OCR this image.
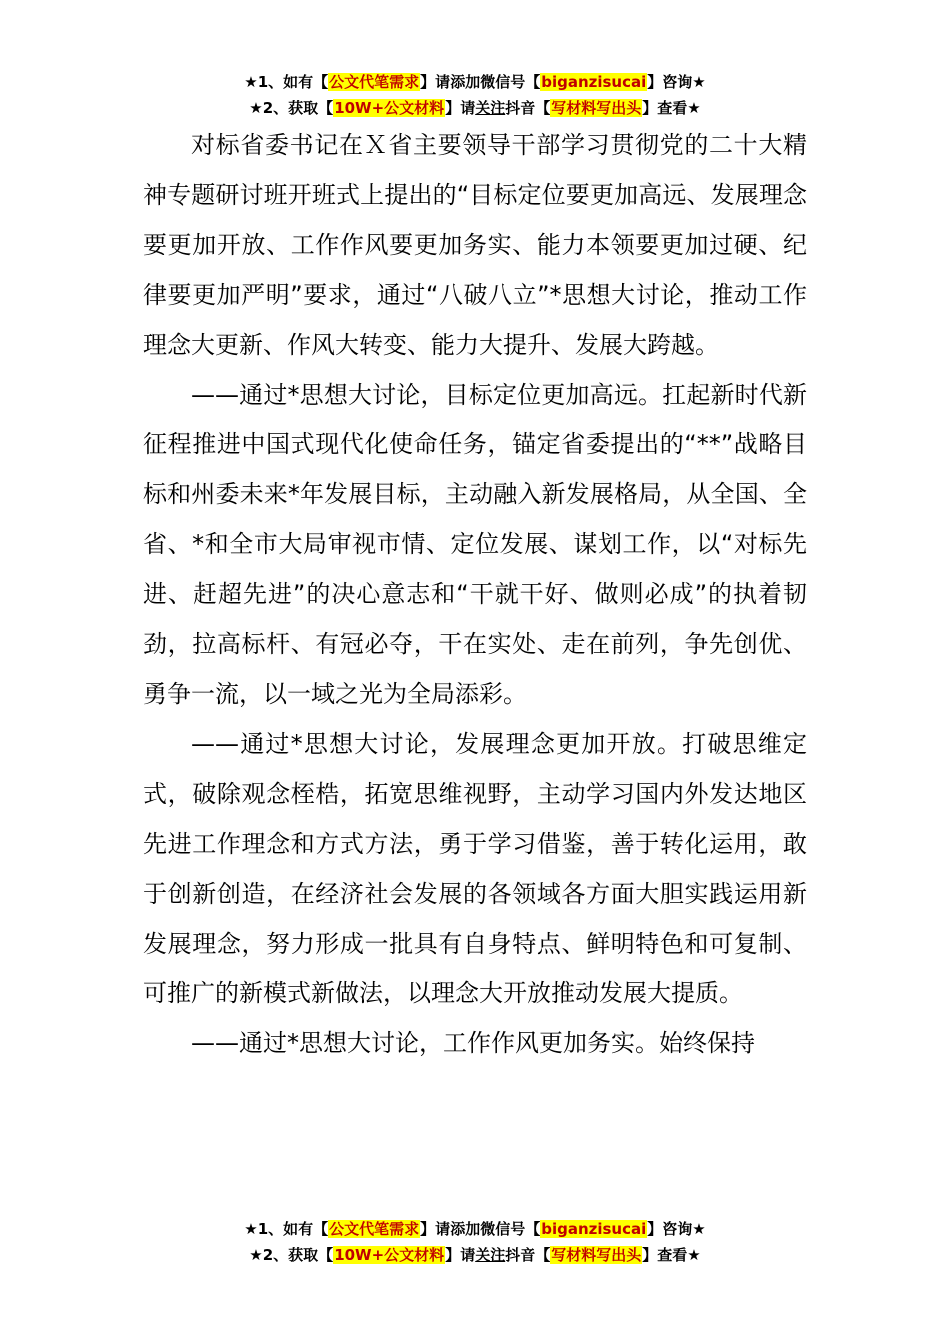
★1、如有【公文代笔需求】请添加微信号【biganzisucai】咨询★
★2、获取【10W+公文材料】请关注抖音【写材料写出头】查看★

对标省委书记在Ｘ省主要领导干部学习贯彻党的二十大精神专题研讨班开班式上提出的“目标定位要更加高远、发展理念要更加开放、工作作风要更加务实、能力本领要更加过硬、纪律要更加严明”要求，通过“八破八立”*思想大讨论，推动工作理念大更新、作风大转变、能力大提升、发展大跨越。

——通过*思想大讨论，目标定位更加高远。扛起新时代新征程推进中国式现代化使命任务，锚定省委提出的“**”战略目标和州委未来*年发展目标，主动融入新发展格局，从全国、全省、*和全市大局审视市情、定位发展、谋划工作，以“对标先进、赶超先进”的决心意志和“干就干好、做则必成”的执着韧劲，拉高标杆、有冠必夺，干在实处、走在前列，争先创优、勇争一流，以一域之光为全局添彩。

——通过*思想大讨论，发展理念更加开放。打破思维定式，破除观念桎梏，拓宽思维视野，主动学习国内外发达地区先进工作理念和方式方法，勇于学习借鉴，善于转化运用，敢于创新创造，在经济社会发展的各领域各方面大胆实践运用新发展理念，努力形成一批具有自身特点、鲜明特色和可复制、可推广的新模式新做法，以理念大开放推动发展大提质。

——通过*思想大讨论，工作作风更加务实。始终保持

★1、如有【公文代笔需求】请添加微信号【biganzisucai】咨询★
★2、获取【10W+公文材料】请关注抖音【写材料写出头】查看★
